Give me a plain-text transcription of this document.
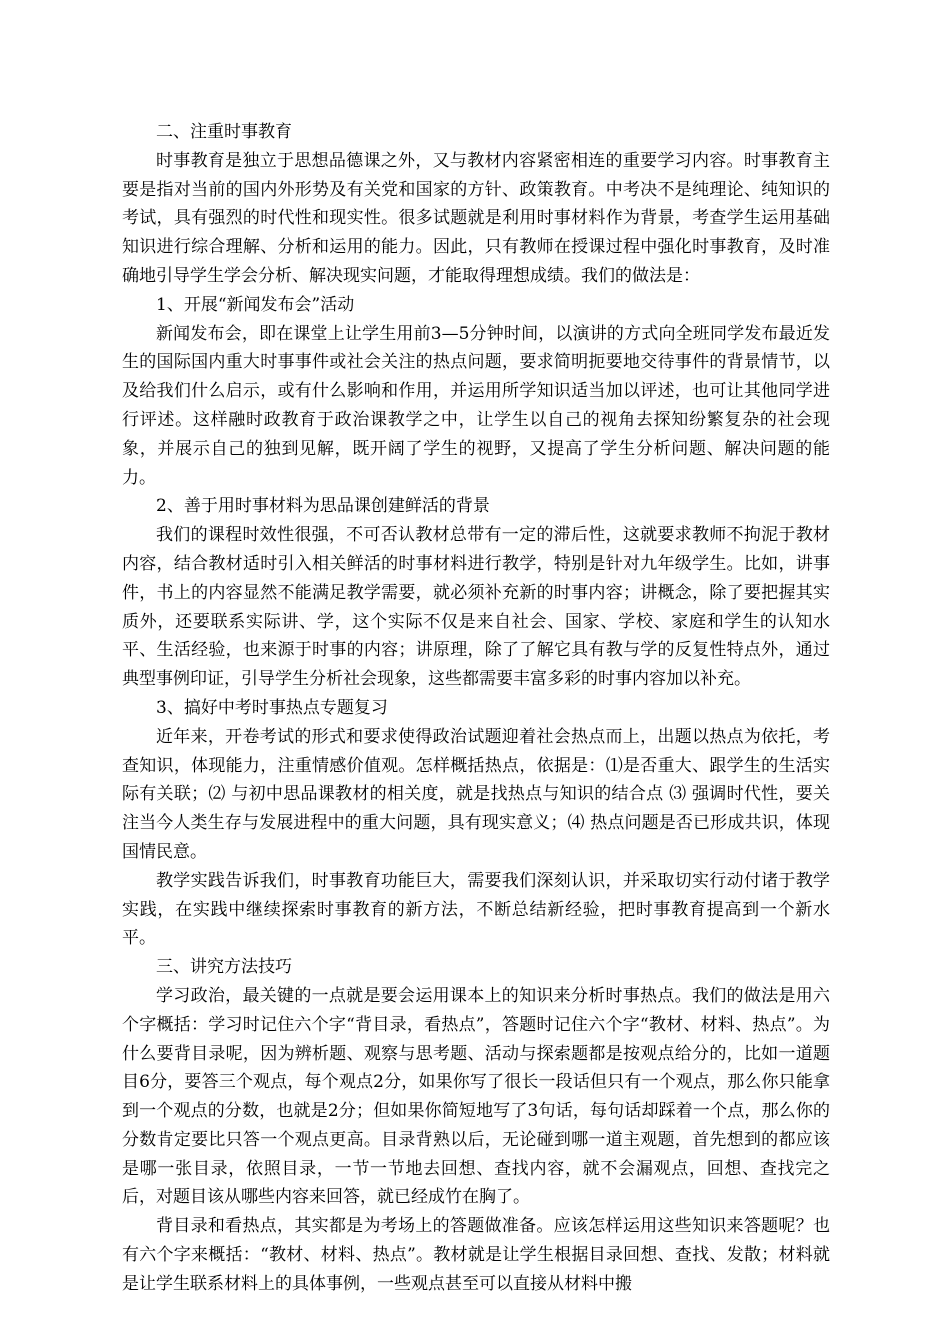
二、注重时事教育

时事教育是独立于思想品德课之外，又与教材内容紧密相连的重要学习内容。时事教育主要是指对当前的国内外形势及有关党和国家的方针、政策教育。中考决不是纯理论、纯知识的考试，具有强烈的时代性和现实性。很多试题就是利用时事材料作为背景，考查学生运用基础知识进行综合理解、分析和运用的能力。因此，只有教师在授课过程中强化时事教育，及时准确地引导学生学会分析、解决现实问题，才能取得理想成绩。我们的做法是：

1、开展“新闻发布会”活动

新闻发布会，即在课堂上让学生用前3—5分钟时间，以演讲的方式向全班同学发布最近发生的国际国内重大时事事件或社会关注的热点问题，要求简明扼要地交待事件的背景情节，以及给我们什么启示，或有什么影响和作用，并运用所学知识适当加以评述，也可让其他同学进行评述。这样融时政教育于政治课教学之中，让学生以自己的视角去探知纷繁复杂的社会现象，并展示自己的独到见解，既开阔了学生的视野，又提高了学生分析问题、解决问题的能力。

2、善于用时事材料为思品课创建鲜活的背景

我们的课程时效性很强，不可否认教材总带有一定的滞后性，这就要求教师不拘泥于教材内容，结合教材适时引入相关鲜活的时事材料进行教学，特别是针对九年级学生。比如，讲事件，书上的内容显然不能满足教学需要，就必须补充新的时事内容；讲概念，除了要把握其实质外，还要联系实际讲、学，这个实际不仅是来自社会、国家、学校、家庭和学生的认知水平、生活经验，也来源于时事的内容；讲原理，除了了解它具有教与学的反复性特点外，通过典型事例印证，引导学生分析社会现象，这些都需要丰富多彩的时事内容加以补充。

3、搞好中考时事热点专题复习

近年来，开卷考试的形式和要求使得政治试题迎着社会热点而上，出题以热点为依托，考查知识，体现能力，注重情感价值观。怎样概括热点，依据是：⑴是否重大、跟学生的生活实际有关联；⑵ 与初中思品课教材的相关度，就是找热点与知识的结合点 ⑶ 强调时代性，要关注当今人类生存与发展进程中的重大问题，具有现实意义；⑷ 热点问题是否已形成共识，体现国情民意。

教学实践告诉我们，时事教育功能巨大，需要我们深刻认识，并采取切实行动付诸于教学实践，在实践中继续探索时事教育的新方法，不断总结新经验，把时事教育提高到一个新水平。

三、讲究方法技巧

学习政治，最关键的一点就是要会运用课本上的知识来分析时事热点。我们的做法是用六个字概括：学习时记住六个字“背目录，看热点”，答题时记住六个字“教材、材料、热点”。为什么要背目录呢，因为辨析题、观察与思考题、活动与探索题都是按观点给分的，比如一道题目6分，要答三个观点，每个观点2分，如果你写了很长一段话但只有一个观点，那么你只能拿到一个观点的分数，也就是2分；但如果你简短地写了3句话，每句话却踩着一个点，那么你的分数肯定要比只答一个观点更高。目录背熟以后，无论碰到哪一道主观题，首先想到的都应该是哪一张目录，依照目录，一节一节地去回想、查找内容，就不会漏观点，回想、查找完之后，对题目该从哪些内容来回答，就已经成竹在胸了。

背目录和看热点，其实都是为考场上的答题做准备。应该怎样运用这些知识来答题呢？也有六个字来概括：“教材、材料、热点”。教材就是让学生根据目录回想、查找、发散；材料就是让学生联系材料上的具体事例，一些观点甚至可以直接从材料中搬
